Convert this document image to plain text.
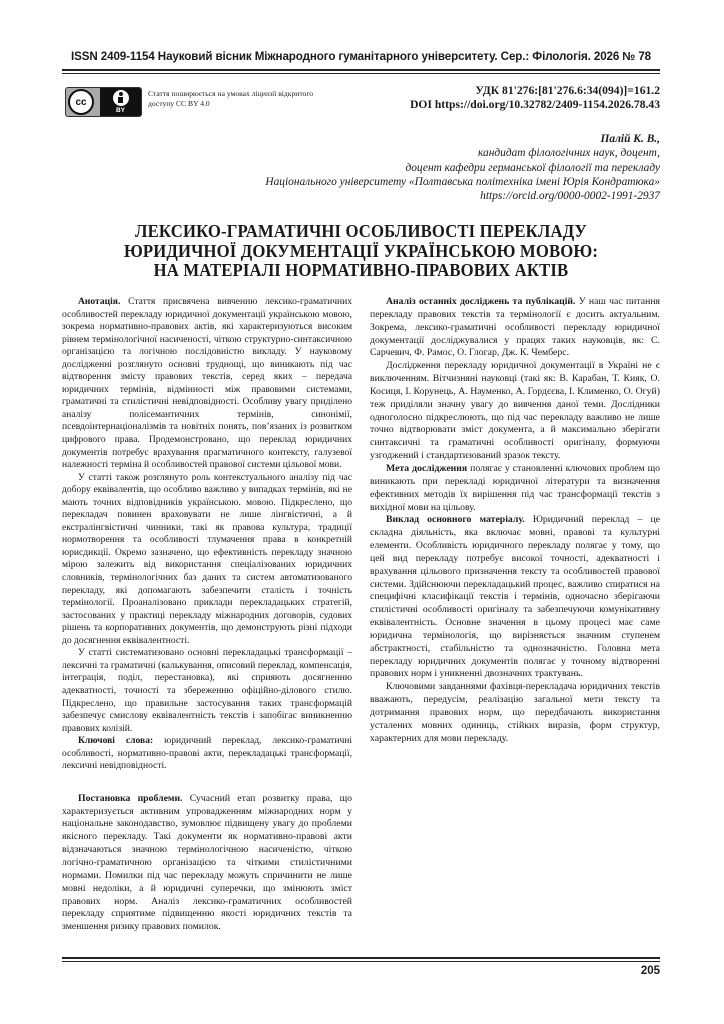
ISSN 2409-1154 Науковий вісник Міжнародного гуманітарного університету. Сер.: Філологія. 2026 № 78
cc
BY
Стаття поширюється на умовах ліцензії відкритого доступу CC BY 4.0
УДК 81'276:[81'276.6:34(094)]=161.2
DOI https://doi.org/10.32782/2409-1154.2026.78.43
Палій К. В.,
кандидат філологічних наук, доцент,
доцент кафедри германської філології та перекладу
Національного університету «Полтавська політехніка імені Юрія Кондратюка»
https://orcid.org/0000-0002-1991-2937
ЛЕКСИКО-ГРАМАТИЧНІ ОСОБЛИВОСТІ ПЕРЕКЛАДУ
ЮРИДИЧНОЇ ДОКУМЕНТАЦІЇ УКРАЇНСЬКОЮ МОВОЮ:
НА МАТЕРІАЛІ НОРМАТИВНО-ПРАВОВИХ АКТІВ

Анотація. Стаття присвячена вивченню лексико-граматичних особливостей перекладу юридичної документації українською мовою, зокрема нормативно-правових актів, які характеризуються високим рівнем термінологічної насиченості, чіткою структурно-синтаксичною організацією та логічною послідовністю викладу. У науковому дослідженні розглянуто основні труднощі, що виникають під час відтворення змісту правових текстів, серед яких – передача юридичних термінів, відмінності між правовими системами, граматичні та стилістичні невідповідності. Особливу увагу приділено аналізу полісемантичних термінів, синонімії, псевдоінтернаціоналізмів та новітніх понять, пов’язаних із розвитком цифрового права. Продемонстровано, що переклад юридичних документів потребує врахування прагматичного контексту, галузевої належності терміна й особливостей правової системи цільової мови.

У статті також розглянуто роль контекстуального аналізу під час добору еквівалентів, що особливо важливо у випадках термінів, які не мають точних відповідників українською. мовою. Підкреслено, що перекладач повинен враховувати не лише лінгвістичні, а й екстралінгвістичні чинники, такі як правова культура, традиції нормотворення та особливості тлумачення права в конкретній юрисдикції. Окремо зазначено, що ефективність перекладу значною мірою залежить від використання спеціалізованих юридичних словників, термінологічних баз даних та систем автоматизованого перекладу, які допомагають забезпечити сталість і точність термінології. Проаналізовано приклади перекладацьких стратегій, застосованих у практиці перекладу міжнародних договорів, судових рішень та корпоративних документів, що демонструють різні підходи до досягнення еквівалентності.

У статті систематизовано основні перекладацькі трансформації – лексичні та граматичні (калькування, описовий переклад, компенсація, інтеграція, поділ, перестановка), які сприяють досягненню адекватності, точності та збереженню офіційно-ділового стилю. Підкреслено, що правильне застосування таких трансформацій забезпечує смислову еквівалентність текстів і запобігає виникненню правових колізій.

Ключові слова: юридичний переклад, лексико-граматичні особливості, нормативно-правові акти, перекладацькі трансформації, лексичні невідповідності.

Постановка проблеми. Сучасний етап розвитку права, що характеризується активним упровадженням міжнародних норм у національне законодавство, зумовлює підвищену увагу до проблеми якісного перекладу. Такі документи як нормативно-правові акти відзначаються значною термінологічною насиченістю, чіткою логічно-граматичною організацією та чіткими стилістичними нормами. Помилки під час перекладу можуть спричинити не лише мовні недоліки, а й юридичні суперечки, що змінюють зміст правових норм. Аналіз лексико-граматичних особливостей перекладу сприятиме підвищенню якості юридичних текстів та зменшення ризику правових помилок.

Аналіз останніх досліджень та публікацій. У наш час питання перекладу правових текстів та термінології є досить актуальним. Зокрема, лексико-граматичні особливості перекладу юридичної документації досліджувалися у працях таких науковців, як: С. Сарчевич, Ф. Рамос, О. Глогар, Дж. К. Чемберс.

Дослідження перекладу юридичної документації в Україні не є виключенням. Вітчизняні науковці (такі як: В. Карабан, Т. Кияк, О. Косиця, І. Корунець, А. Науменко, А. Гордєєва, І. Клименко, О. Огуй) теж приділяли значну увагу до вивчення даної теми. Дослідники одноголосно підкреслюють, що під час перекладу важливо не лише точно відтворювати зміст документа, а й максимально зберігати синтаксичні та граматичні особливості оригіналу, формуючи узгоджений і стандартизований зразок тексту.

Мета дослідження полягає у становленні ключових проблем що виникають при перекладі юридичної літератури та визначення ефективних методів їх вирішення під час трансформації текстів з вихідної мови на цільову.

Виклад основного матеріалу. Юридичний переклад – це складна діяльність, яка включає мовні, правові та культурні елементи. Особливість юридичного перекладу полягає у тому, що цей вид перекладу потребує високої точності, адекватності і врахування цільового призначення тексту та особливостей правової системи. Здійснюючи перекладацький процес, важливо спиратися на специфічні класифікації текстів і термінів, одночасно зберігаючи стилістичні особливості оригіналу та забезпечуючи комунікативну еквівалентність. Основне значення в цьому процесі має саме юридична термінологія, що вирізняється значним ступенем абстрактності, стабільністю та однозначністю. Головна мета перекладу юридичних документів полягає у точному відтворенні правових норм і уникненні двозначних трактувань.

Ключовими завданнями фахівця-перекладача юридичних текстів вважають, передусім, реалізацію загальної мети тексту та дотримання правових норм, що передбачають використання усталених мовних одиниць, стійких виразів, форм структур, характерних для мови перекладу.

205
